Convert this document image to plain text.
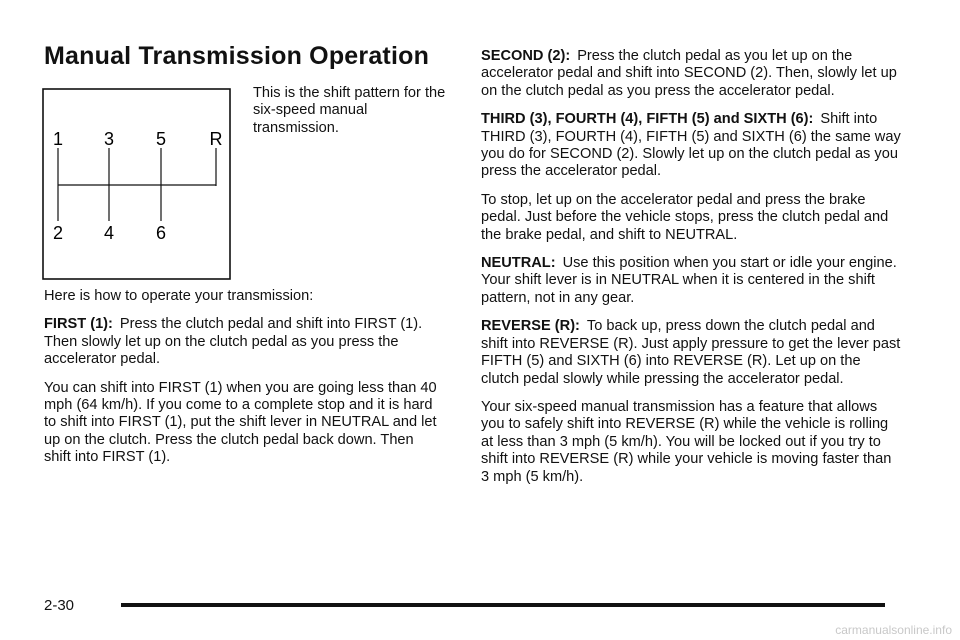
Manual Transmission Operation
1 3 5 R
2 4 6

This is the shift pattern for the six-speed manual transmission.

Here is how to operate your transmission:

FIRST (1): Press the clutch pedal and shift into FIRST (1). Then slowly let up on the clutch pedal as you press the accelerator pedal.

You can shift into FIRST (1) when you are going less than 40 mph (64 km/h). If you come to a complete stop and it is hard to shift into FIRST (1), put the shift lever in NEUTRAL and let up on the clutch. Press the clutch pedal back down. Then shift into FIRST (1).

SECOND (2): Press the clutch pedal as you let up on the accelerator pedal and shift into SECOND (2). Then, slowly let up on the clutch pedal as you press the accelerator pedal.

THIRD (3), FOURTH (4), FIFTH (5) and SIXTH (6): Shift into THIRD (3), FOURTH (4), FIFTH (5) and SIXTH (6) the same way you do for SECOND (2). Slowly let up on the clutch pedal as you press the accelerator pedal.

To stop, let up on the accelerator pedal and press the brake pedal. Just before the vehicle stops, press the clutch pedal and the brake pedal, and shift to NEUTRAL.

NEUTRAL: Use this position when you start or idle your engine. Your shift lever is in NEUTRAL when it is centered in the shift pattern, not in any gear.

REVERSE (R): To back up, press down the clutch pedal and shift into REVERSE (R). Just apply pressure to get the lever past FIFTH (5) and SIXTH (6) into REVERSE (R). Let up on the clutch pedal slowly while pressing the accelerator pedal.

Your six-speed manual transmission has a feature that allows you to safely shift into REVERSE (R) while the vehicle is rolling at less than 3 mph (5 km/h). You will be locked out if you try to shift into REVERSE (R) while your vehicle is moving faster than 3 mph (5 km/h).

2-30

carmanualsonline.info
